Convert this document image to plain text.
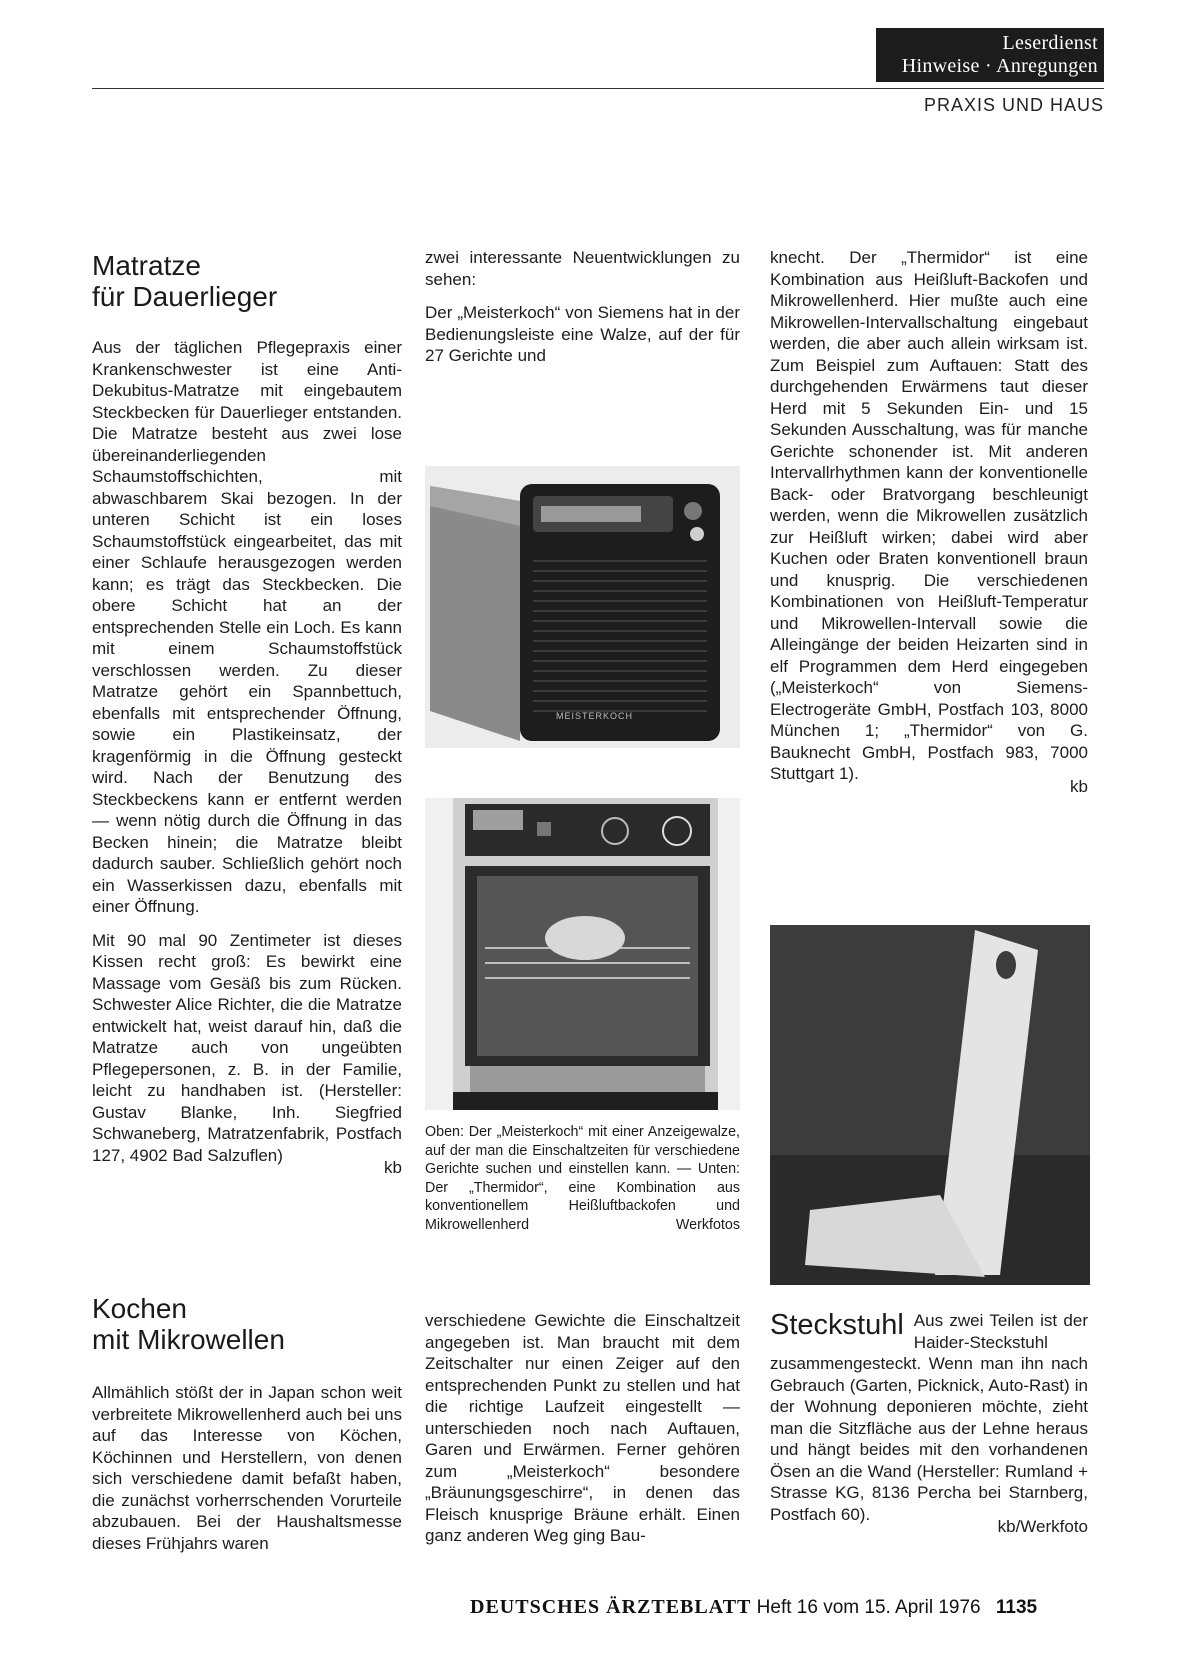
Leserdienst
Hinweise · Anregungen
PRAXIS UND HAUS
Matratze
für Dauerlieger

Aus der täglichen Pflegepraxis einer Krankenschwester ist eine Anti-Dekubitus-Matratze mit eingebautem Steckbecken für Dauerlieger entstanden. Die Matratze besteht aus zwei lose übereinanderliegenden Schaumstoffschichten, mit abwaschbarem Skai bezogen. In der unteren Schicht ist ein loses Schaumstoffstück eingearbeitet, das mit einer Schlaufe herausgezogen werden kann; es trägt das Steckbecken. Die obere Schicht hat an der entsprechenden Stelle ein Loch. Es kann mit einem Schaumstoffstück verschlossen werden. Zu dieser Matratze gehört ein Spannbettuch, ebenfalls mit entsprechender Öffnung, sowie ein Plastikeinsatz, der kragenförmig in die Öffnung gesteckt wird. Nach der Benutzung des Steckbeckens kann er entfernt werden — wenn nötig durch die Öffnung in das Becken hinein; die Matratze bleibt dadurch sauber. Schließlich gehört noch ein Wasserkissen dazu, ebenfalls mit einer Öffnung.

Mit 90 mal 90 Zentimeter ist dieses Kissen recht groß: Es bewirkt eine Massage vom Gesäß bis zum Rücken. Schwester Alice Richter, die die Matratze entwickelt hat, weist darauf hin, daß die Matratze auch von ungeübten Pflegepersonen, z. B. in der Familie, leicht zu handhaben ist. (Hersteller: Gustav Blanke, Inh. Siegfried Schwaneberg, Matratzenfabrik, Postfach 127, 4902 Bad Salzuflen)

kb
Kochen
mit Mikrowellen

Allmählich stößt der in Japan schon weit verbreitete Mikrowellenherd auch bei uns auf das Interesse von Köchen, Köchinnen und Herstellern, von denen sich verschiedene damit befaßt haben, die zunächst vorherrschenden Vorurteile abzubauen. Bei der Haushaltsmesse dieses Frühjahrs waren

zwei interessante Neuentwicklungen zu sehen:

Der „Meisterkoch“ von Siemens hat in der Bedienungsleiste eine Walze, auf der für 27 Gerichte und

MEISTERKOCH
Oben: Der „Meisterkoch“ mit einer Anzeigewalze, auf der man die Einschaltzeiten für verschiedene Gerichte suchen und einstellen kann. — Unten: Der „Thermidor“, eine Kombination aus konventionellem Heißluftbackofen und Mikrowellenherd	Werkfotos

verschiedene Gewichte die Einschaltzeit angegeben ist. Man braucht mit dem Zeitschalter nur einen Zeiger auf den entsprechenden Punkt zu stellen und hat die richtige Laufzeit eingestellt — unterschieden noch nach Auftauen, Garen und Erwärmen. Ferner gehören zum „Meisterkoch“ besondere „Bräunungsgeschirre“, in denen das Fleisch knusprige Bräune erhält. Einen ganz anderen Weg ging Bau-

knecht. Der „Thermidor“ ist eine Kombination aus Heißluft-Backofen und Mikrowellenherd. Hier mußte auch eine Mikrowellen-Intervallschaltung eingebaut werden, die aber auch allein wirksam ist. Zum Beispiel zum Auftauen: Statt des durchgehenden Erwärmens taut dieser Herd mit 5 Sekunden Ein- und 15 Sekunden Ausschaltung, was für manche Gerichte schonender ist. Mit anderen Intervallrhythmen kann der konventionelle Back- oder Bratvorgang beschleunigt werden, wenn die Mikrowellen zusätzlich zur Heißluft wirken; dabei wird aber Kuchen oder Braten konventionell braun und knusprig. Die verschiedenen Kombinationen von Heißluft-Temperatur und Mikrowellen-Intervall sowie die Alleingänge der beiden Heizarten sind in elf Programmen dem Herd eingegeben („Meisterkoch“ von Siemens-Electrogeräte GmbH, Postfach 103, 8000 München 1; „Thermidor“ von G. Bauknecht GmbH, Postfach 983, 7000 Stuttgart 1).

kb
Steckstuhl Aus zwei Teilen ist der Haider-Steckstuhl zusammengesteckt. Wenn man ihn nach Gebrauch (Garten, Picknick, Auto-Rast) in der Wohnung deponieren möchte, zieht man die Sitzfläche aus der Lehne heraus und hängt beides mit den vorhandenen Ösen an die Wand (Hersteller: Rumland + Strasse KG, 8136 Percha bei Starnberg, Postfach 60).

kb/Werkfoto
DEUTSCHES ÄRZTEBLATT Heft 16 vom 15. April 1976 1135
